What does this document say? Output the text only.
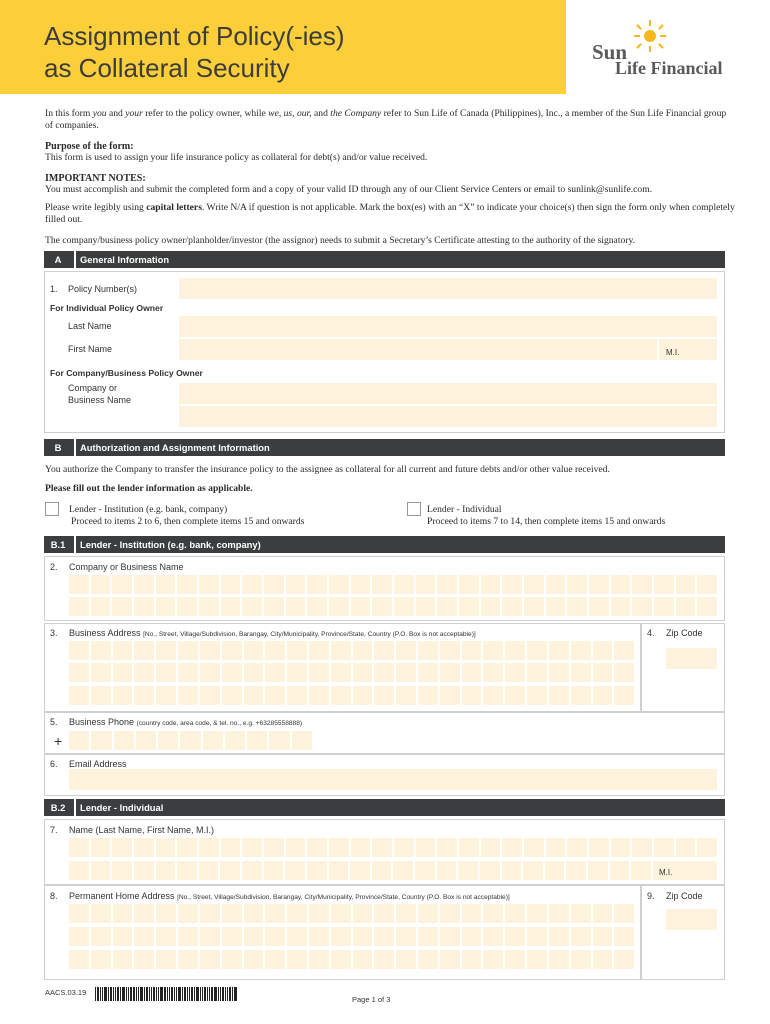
Assignment of Policy(-ies)
as Collateral Security
Sun
Life Financial
In this form you and your refer to the policy owner, while we, us, our, and the Company refer to Sun Life of Canada (Philippines), Inc., a member of the Sun Life Financial group of companies.
Purpose of the form:
This form is used to assign your life insurance policy as collateral for debt(s) and/or value received.
IMPORTANT NOTES:
You must accomplish and submit the completed form and a copy of your valid ID through any of our Client Service Centers or email to sunlink@sunlife.com.
Please write legibly using capital letters. Write N/A if question is not applicable. Mark the box(es) with an “X” to indicate your choice(s) then sign the form only when completely filled out.
The company/business policy owner/planholder/investor (the assignor) needs to submit a Secretary’s Certificate attesting to the authority of the signatory.
A	General Information
1. Policy Number(s)
For Individual Policy Owner
Last Name
First Name	M.I.
For Company/Business Policy Owner
Company or
Business Name
B	Authorization and Assignment Information
You authorize the Company to transfer the insurance policy to the assignee as collateral for all current and future debts and/or other value received.
Please fill out the lender information as applicable.
Lender - Institution (e.g. bank, company)
Proceed to items 2 to 6, then complete items 15 and onwards
Lender - Individual
Proceed to items 7 to 14, then complete items 15 and onwards
B.1	Lender - Institution (e.g. bank, company)
2. Company or Business Name
3. Business Address [No., Street, Village/Subdivision, Barangay, City/Municipality, Province/State, Country (P.O. Box is not acceptable)]	4. Zip Code
5. Business Phone (country code, area code, & tel. no., e.g. +63285558888)
+
6. Email Address
B.2	Lender - Individual
7. Name (Last Name, First Name, M.I.)
M.I.
8. Permanent Home Address [No., Street, Village/Subdivision, Barangay, City/Municipality, Province/State, Country (P.O. Box is not acceptable)]	9. Zip Code
AACS.03.19
Page 1 of 3
